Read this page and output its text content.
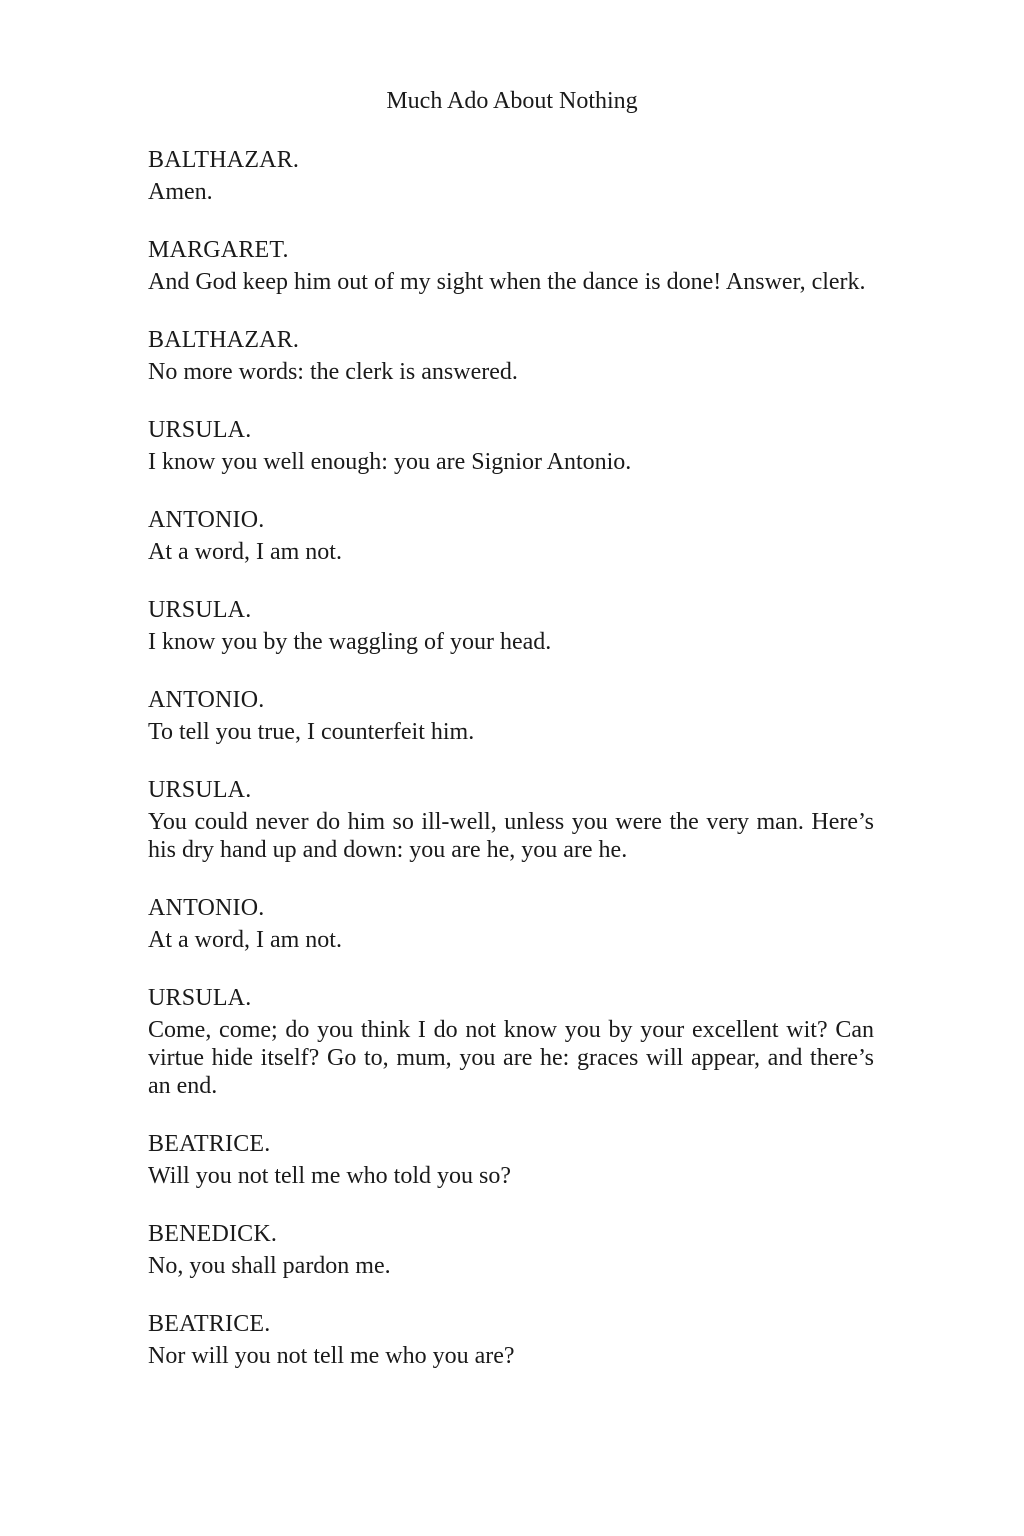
Much Ado About Nothing
BALTHAZAR.
Amen.
MARGARET.
And God keep him out of my sight when the dance is done! Answer, clerk.
BALTHAZAR.
No more words: the clerk is answered.
URSULA.
I know you well enough: you are Signior Antonio.
ANTONIO.
At a word, I am not.
URSULA.
I know you by the waggling of your head.
ANTONIO.
To tell you true, I counterfeit him.
URSULA.
You could never do him so ill-well, unless you were the very man. Here’s his dry hand up and down: you are he, you are he.
ANTONIO.
At a word, I am not.
URSULA.
Come, come; do you think I do not know you by your excellent wit? Can virtue hide itself? Go to, mum, you are he: graces will appear, and there’s an end.
BEATRICE.
Will you not tell me who told you so?
BENEDICK.
No, you shall pardon me.
BEATRICE.
Nor will you not tell me who you are?
